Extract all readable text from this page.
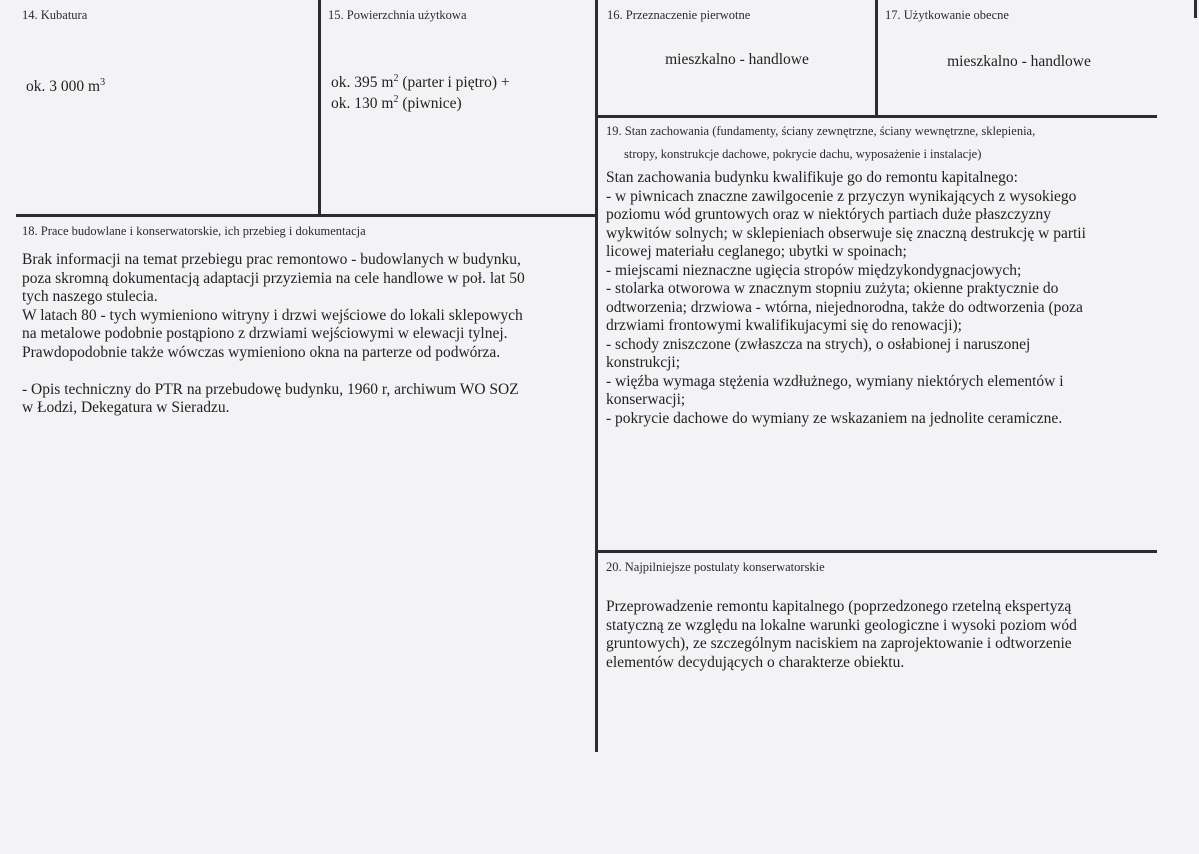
14. Kubatura
ok. 3 000 $m^3$
15. Powierzchnia użytkowa
ok. 395 $m^2$ (parter i piętro) +
ok. 130 $m^2$ (piwnice)
16. Przeznaczenie pierwotne
mieszkalno - handlowe
17. Użytkowanie obecne
mieszkalno - handlowe
18. Prace budowlane i konserwatorskie, ich przebieg i dokumentacja

Brak informacji na temat przebiegu prac remontowo - budowlanych w budynku,

poza skromną dokumentacją adaptacji przyziemia na cele handlowe w poł. lat 50

tych naszego stulecia.

W latach 80 - tych wymieniono witryny i drzwi wejściowe do lokali sklepowych

na metalowe podobnie postąpiono z drzwiami wejściowymi w elewacji tylnej.

Prawdopodobnie także wówczas wymieniono okna na parterze od podwórza.

- Opis techniczny do PTR na przebudowę budynku, 1960 r, archiwum WO SOZ

w Łodzi, Dekegatura w Sieradzu.

19. Stan zachowania (fundamenty, ściany zewnętrzne, ściany wewnętrzne, sklepienia,
stropy, konstrukcje dachowe, pokrycie dachu, wyposażenie i instalacje)

Stan zachowania budynku kwalifikuje go do remontu kapitalnego:

- w piwnicach znaczne zawilgocenie z przyczyn wynikających z wysokiego

poziomu wód gruntowych oraz w niektórych partiach duże płaszczyzny

wykwitów solnych; w sklepieniach obserwuje się znaczną destrukcję w partii

licowej materiału ceglanego; ubytki w spoinach;

- miejscami nieznaczne ugięcia stropów międzykondygnacjowych;

- stolarka otworowa w znacznym stopniu zużyta; okienne praktycznie do

odtworzenia; drzwiowa - wtórna, niejednorodna, także do odtworzenia (poza

drzwiami frontowymi kwalifikujacymi się do renowacji);

- schody zniszczone (zwłaszcza na strych), o osłabionej i naruszonej

konstrukcji;

- więźba wymaga stężenia wzdłużnego, wymiany niektórych elementów i

konserwacji;

- pokrycie dachowe do wymiany ze wskazaniem na jednolite ceramiczne.

20. Najpilniejsze postulaty konserwatorskie

Przeprowadzenie remontu kapitalnego (poprzedzonego rzetelną ekspertyzą

statyczną ze względu na lokalne warunki geologiczne i wysoki poziom wód

gruntowych), ze szczególnym naciskiem na zaprojektowanie i odtworzenie

elementów decydujących o charakterze obiektu.
